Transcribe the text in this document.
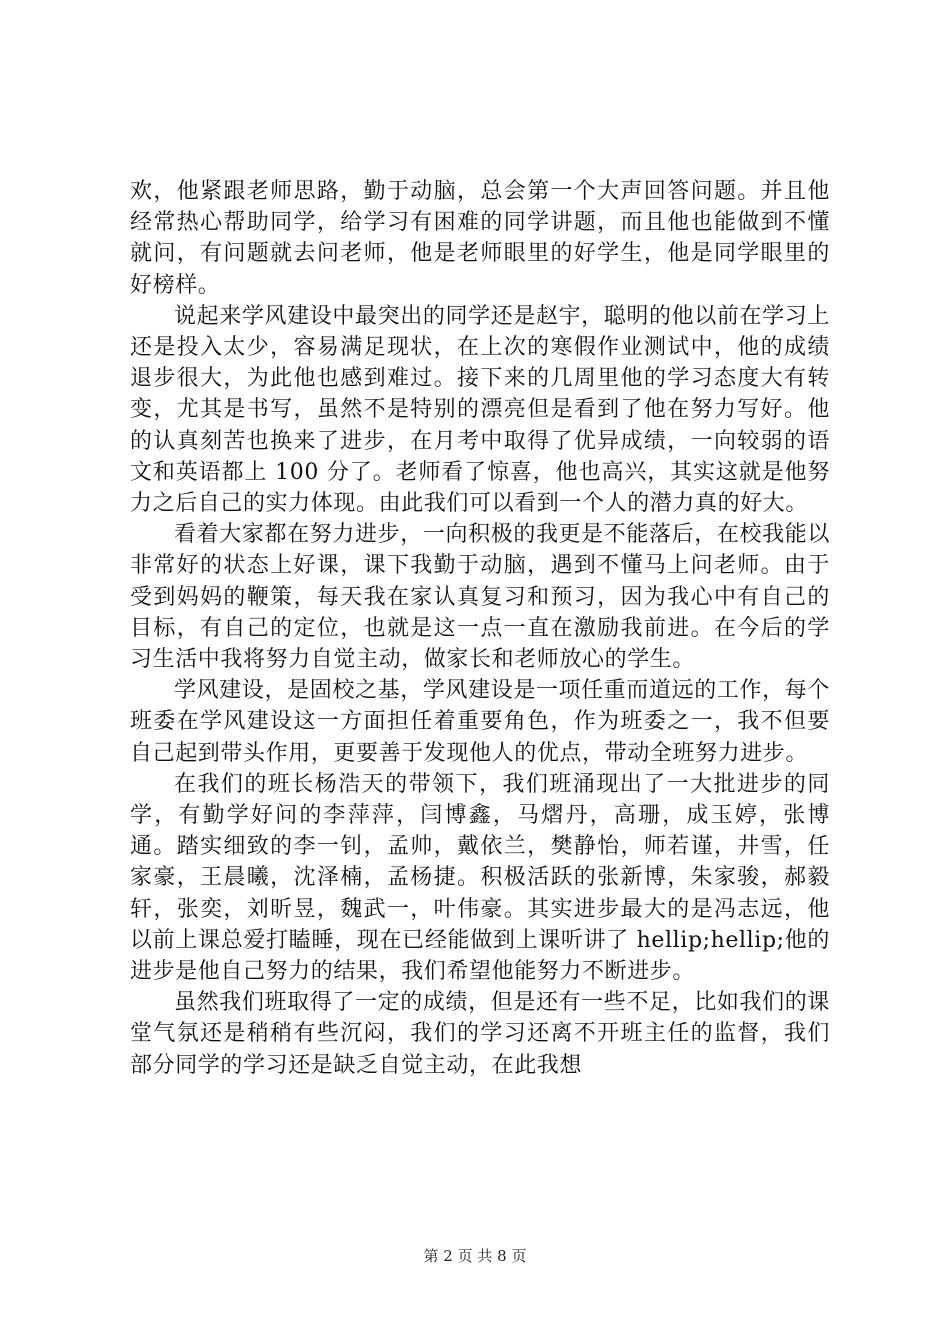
欢，他紧跟老师思路，勤于动脑，总会第一个大声回答问题。并且他经常热心帮助同学，给学习有困难的同学讲题，而且他也能做到不懂就问，有问题就去问老师，他是老师眼里的好学生，他是同学眼里的好榜样。

说起来学风建设中最突出的同学还是赵宇，聪明的他以前在学习上还是投入太少，容易满足现状，在上次的寒假作业测试中，他的成绩退步很大，为此他也感到难过。接下来的几周里他的学习态度大有转变，尤其是书写，虽然不是特别的漂亮但是看到了他在努力写好。他的认真刻苦也换来了进步，在月考中取得了优异成绩，一向较弱的语文和英语都上 100 分了。老师看了惊喜，他也高兴，其实这就是他努力之后自己的实力体现。由此我们可以看到一个人的潜力真的好大。

看着大家都在努力进步，一向积极的我更是不能落后，在校我能以非常好的状态上好课，课下我勤于动脑，遇到不懂马上问老师。由于受到妈妈的鞭策，每天我在家认真复习和预习，因为我心中有自己的目标，有自己的定位，也就是这一点一直在激励我前进。在今后的学习生活中我将努力自觉主动，做家长和老师放心的学生。

学风建设，是固校之基，学风建设是一项任重而道远的工作，每个班委在学风建设这一方面担任着重要角色，作为班委之一，我不但要自己起到带头作用，更要善于发现他人的优点，带动全班努力进步。

在我们的班长杨浩天的带领下，我们班涌现出了一大批进步的同学，有勤学好问的李萍萍，闫博鑫，马熠丹，高珊，成玉婷，张博通。踏实细致的李一钊，孟帅，戴依兰，樊静怡，师若谨，井雪，任家豪，王晨曦，沈泽楠，孟杨捷。积极活跃的张新博，朱家骏，郝毅轩，张奕，刘昕昱，魏武一，叶伟豪。其实进步最大的是冯志远，他以前上课总爱打瞌睡，现在已经能做到上课听讲了 hellip;hellip;他的进步是他自己努力的结果，我们希望他能努力不断进步。

虽然我们班取得了一定的成绩，但是还有一些不足，比如我们的课堂气氛还是稍稍有些沉闷，我们的学习还离不开班主任的监督，我们部分同学的学习还是缺乏自觉主动，在此我想

第 2 页 共 8 页
